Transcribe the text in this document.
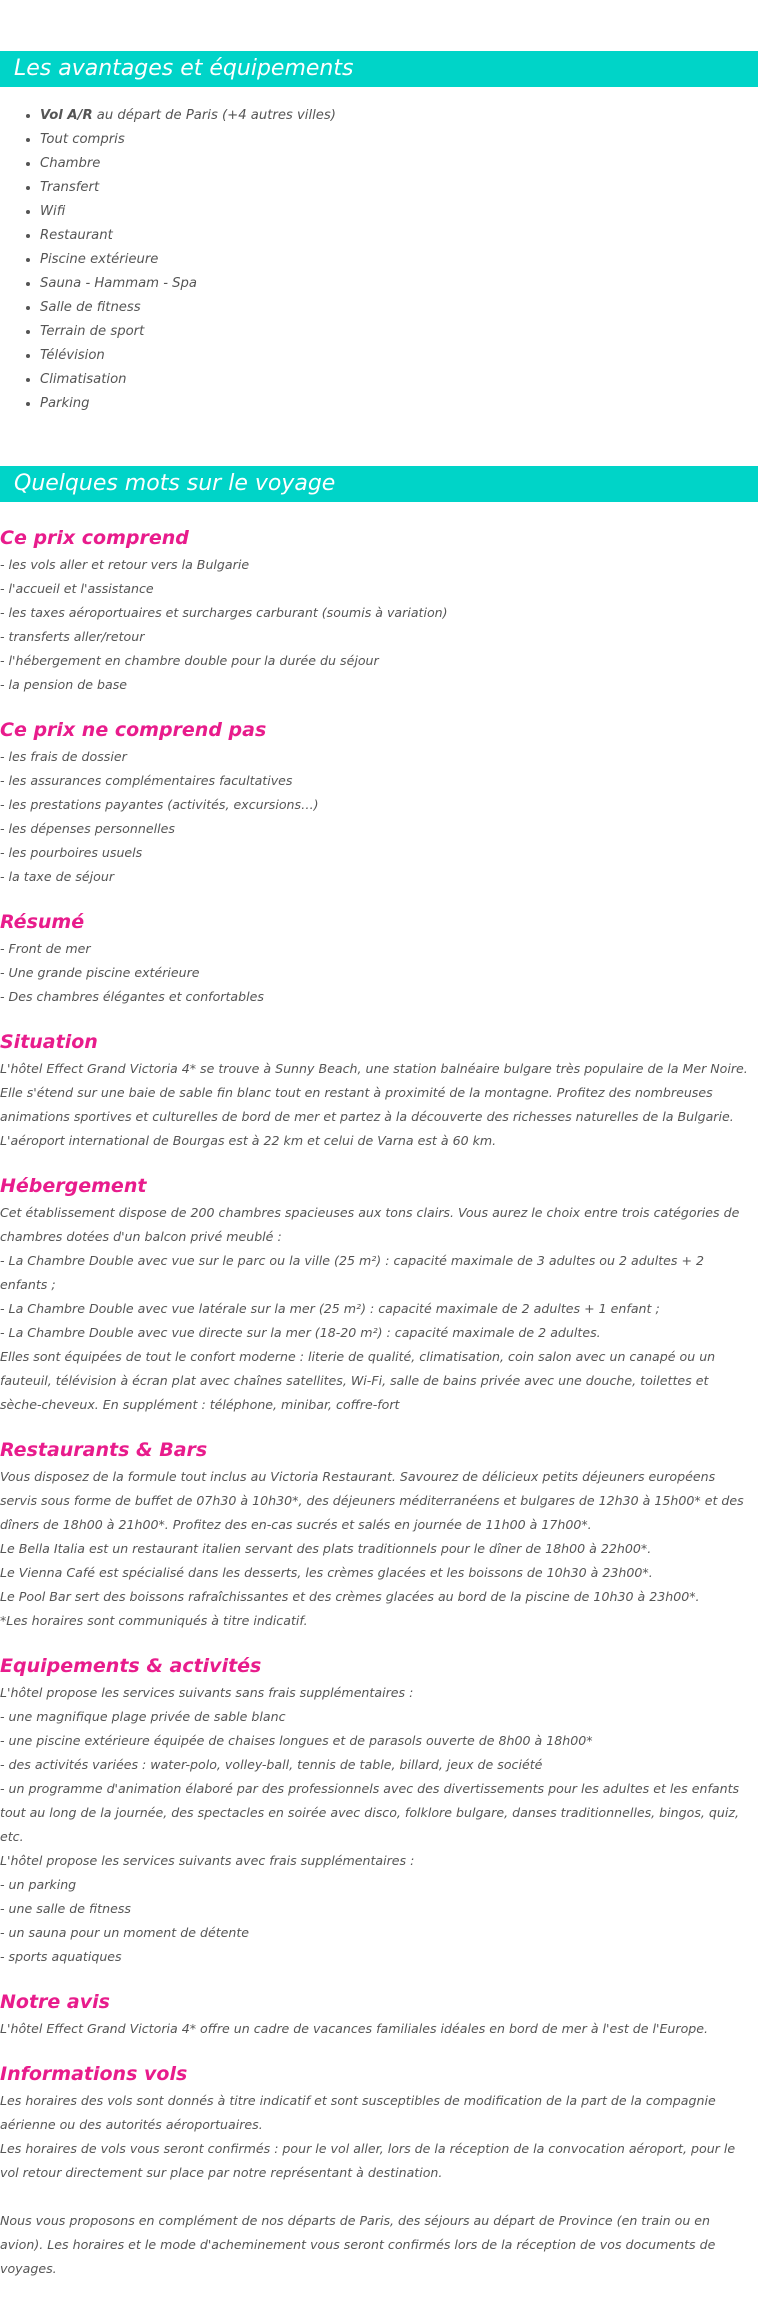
Les avantages et équipements
• Vol A/R au départ de Paris (+4 autres villes)
• Tout compris
• Chambre
• Transfert
• Wifi
• Restaurant
• Piscine extérieure
• Sauna - Hammam - Spa
• Salle de fitness
• Terrain de sport
• Télévision
• Climatisation
• Parking
Quelques mots sur le voyage
Ce prix comprend

- les vols aller et retour vers la Bulgarie

- l'accueil et l'assistance

- les taxes aéroportuaires et surcharges carburant (soumis à variation)

- transferts aller/retour

- l'hébergement en chambre double pour la durée du séjour

- la pension de base

Ce prix ne comprend pas

- les frais de dossier

- les assurances complémentaires facultatives

- les prestations payantes (activités, excursions…)

- les dépenses personnelles

- les pourboires usuels

- la taxe de séjour

Résumé

- Front de mer

- Une grande piscine extérieure

- Des chambres élégantes et confortables

Situation

L'hôtel Effect Grand Victoria 4* se trouve à Sunny Beach, une station balnéaire bulgare très populaire de la Mer Noire. Elle s'étend sur une baie de sable fin blanc tout en restant à proximité de la montagne. Profitez des nombreuses animations sportives et culturelles de bord de mer et partez à la découverte des richesses naturelles de la Bulgarie. L'aéroport international de Bourgas est à 22 km et celui de Varna est à 60 km.

Hébergement

Cet établissement dispose de 200 chambres spacieuses aux tons clairs. Vous aurez le choix entre trois catégories de chambres dotées d'un balcon privé meublé :

- La Chambre Double avec vue sur le parc ou la ville (25 m²) : capacité maximale de 3 adultes ou 2 adultes + 2 enfants ;

- La Chambre Double avec vue latérale sur la mer (25 m²) : capacité maximale de 2 adultes + 1 enfant ;

- La Chambre Double avec vue directe sur la mer (18-20 m²) : capacité maximale de 2 adultes.

Elles sont équipées de tout le confort moderne : literie de qualité, climatisation, coin salon avec un canapé ou un fauteuil, télévision à écran plat avec chaînes satellites, Wi-Fi, salle de bains privée avec une douche, toilettes et sèche-cheveux. En supplément : téléphone, minibar, coffre-fort

Restaurants & Bars

Vous disposez de la formule tout inclus au Victoria Restaurant. Savourez de délicieux petits déjeuners européens servis sous forme de buffet de 07h30 à 10h30*, des déjeuners méditerranéens et bulgares de 12h30 à 15h00* et des dîners de 18h00 à 21h00*. Profitez des en-cas sucrés et salés en journée de 11h00 à 17h00*.

Le Bella Italia est un restaurant italien servant des plats traditionnels pour le dîner de 18h00 à 22h00*.

Le Vienna Café est spécialisé dans les desserts, les crèmes glacées et les boissons de 10h30 à 23h00*.

Le Pool Bar sert des boissons rafraîchissantes et des crèmes glacées au bord de la piscine de 10h30 à 23h00*.

*Les horaires sont communiqués à titre indicatif.

Equipements & activités

L'hôtel propose les services suivants sans frais supplémentaires :

- une magnifique plage privée de sable blanc

- une piscine extérieure équipée de chaises longues et de parasols ouverte de 8h00 à 18h00*

- des activités variées : water-polo, volley-ball, tennis de table, billard, jeux de société

- un programme d'animation élaboré par des professionnels avec des divertissements pour les adultes et les enfants tout au long de la journée, des spectacles en soirée avec disco, folklore bulgare, danses traditionnelles, bingos, quiz, etc.

L'hôtel propose les services suivants avec frais supplémentaires :

- un parking

- une salle de fitness

- un sauna pour un moment de détente

- sports aquatiques

Notre avis

L'hôtel Effect Grand Victoria 4* offre un cadre de vacances familiales idéales en bord de mer à l'est de l'Europe.

Informations vols

Les horaires des vols sont donnés à titre indicatif et sont susceptibles de modification de la part de la compagnie aérienne ou des autorités aéroportuaires.

Les horaires de vols vous seront confirmés : pour le vol aller, lors de la réception de la convocation aéroport, pour le vol retour directement sur place par notre représentant à destination.

Nous vous proposons en complément de nos départs de Paris, des séjours au départ de Province (en train ou en avion). Les horaires et le mode d'acheminement vous seront confirmés lors de la réception de vos documents de voyages.
